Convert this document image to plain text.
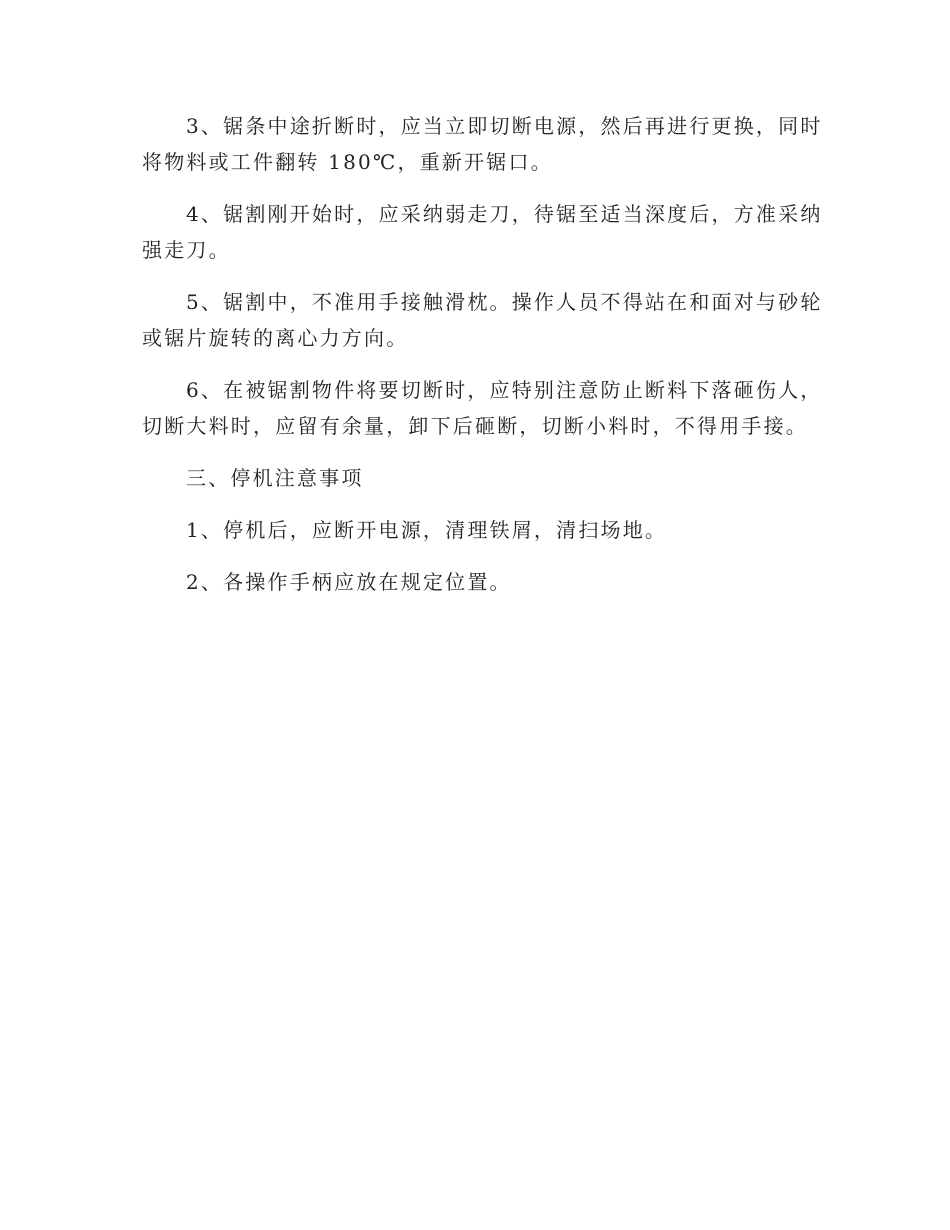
3、锯条中途折断时，应当立即切断电源，然后再进行更换，同时
将物料或工件翻转 180℃，重新开锯口。

4、锯割刚开始时，应采纳弱走刀，待锯至适当深度后，方准采纳
强走刀。

5、锯割中，不准用手接触滑枕。操作人员不得站在和面对与砂轮
或锯片旋转的离心力方向。

6、在被锯割物件将要切断时，应特别注意防止断料下落砸伤人，
切断大料时，应留有余量，卸下后砸断，切断小料时，不得用手接。

三、停机注意事项

1、停机后，应断开电源，清理铁屑，清扫场地。

2、各操作手柄应放在规定位置。
